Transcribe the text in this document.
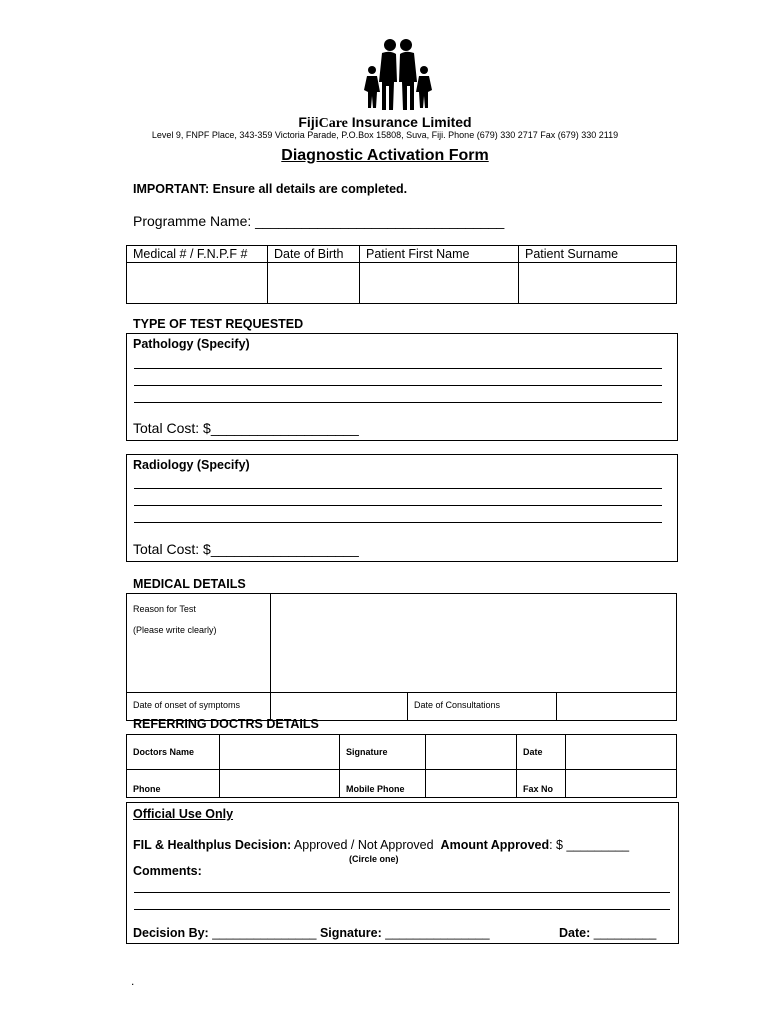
FijiCare Insurance Limited
Level 9, FNPF Place, 343-359 Victoria Parade, P.O.Box 15808, Suva, Fiji. Phone (679) 330 2717 Fax (679) 330 2119
Diagnostic Activation Form
IMPORTANT: Ensure all details are completed.
Programme Name: ________________________________
Medical # / F.N.P.F #	Date of Birth	Patient First Name	Patient Surname

TYPE OF TEST REQUESTED
Pathology (Specify)
Total Cost: $___________________
Radiology (Specify)
Total Cost: $___________________
MEDICAL DETAILS
Reason for Test
(Please write clearly)			

Date of onset of symptoms		Date of Consultations	
REFERRING DOCTRS DETAILS
Doctors Name		Signature		Date	
Phone		Mobile Phone		Fax No	
Official Use Only
FIL & Healthplus Decision: Approved / Not Approved  Amount Approved: $ _________
(Circle one)
Comments:
Decision By: _______________ Signature: _______________	Date: _________
.
